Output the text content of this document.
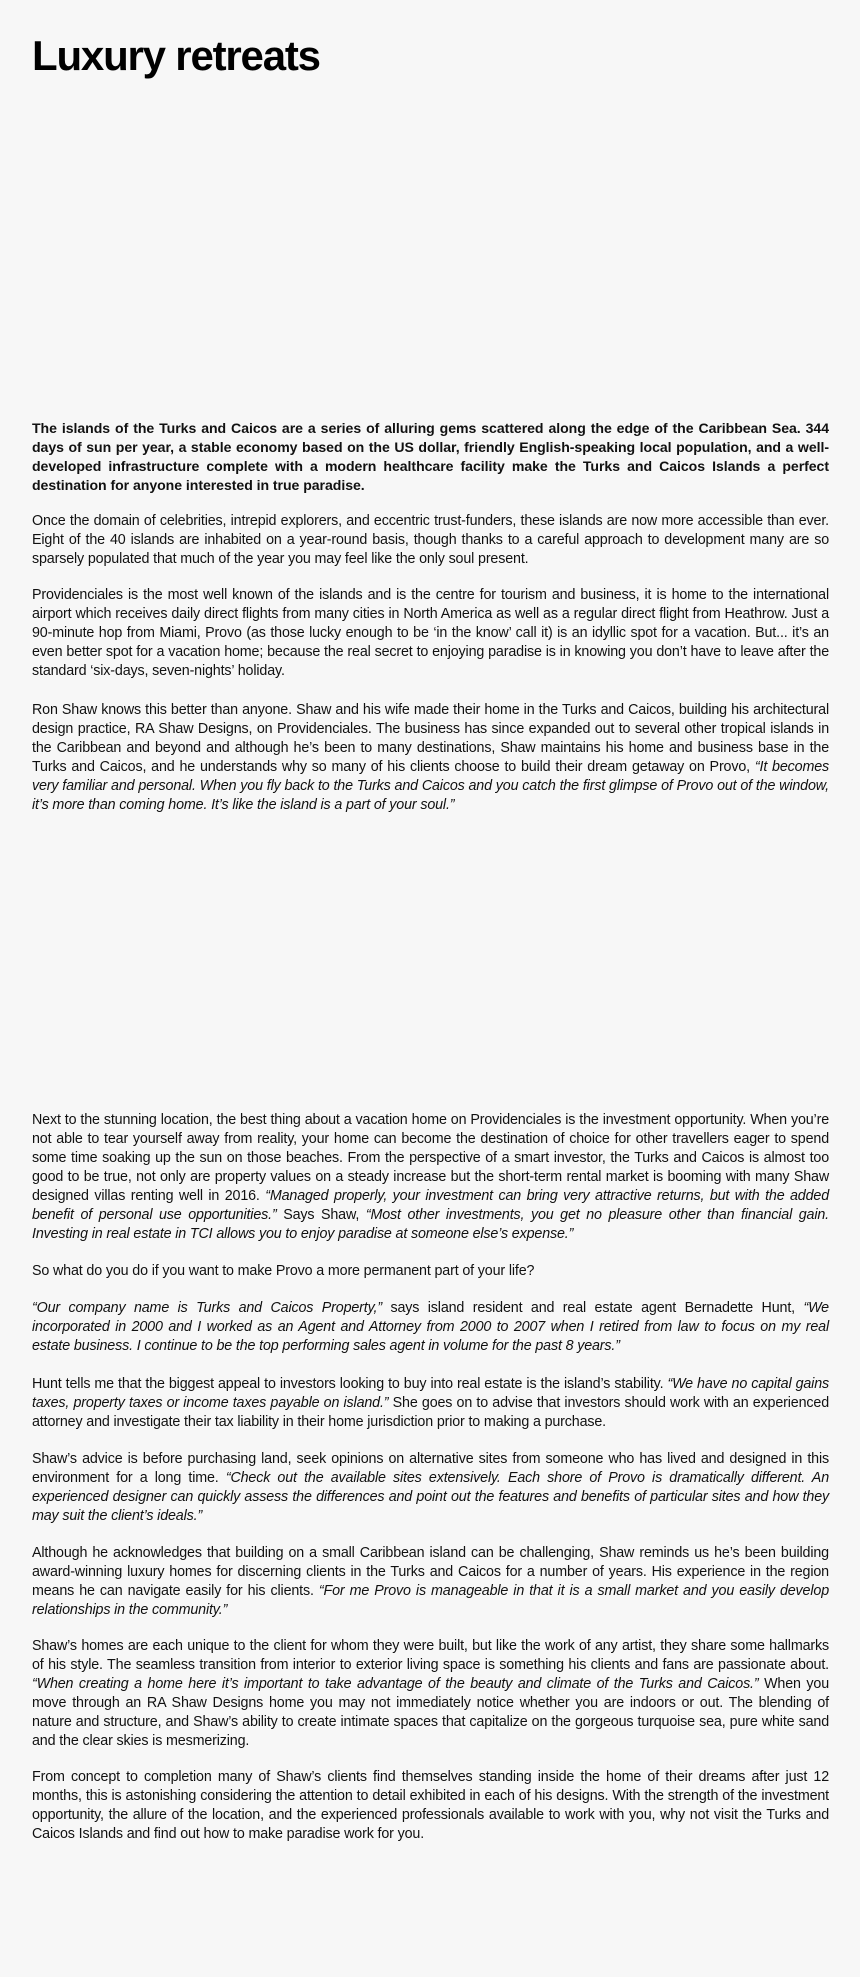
Luxury retreats

The islands of the Turks and Caicos are a series of alluring gems scattered along the edge of the Caribbean Sea. 344 days of sun per year, a stable economy based on the US dollar, friendly English-speaking local population, and a well-developed infrastructure complete with a modern healthcare facility make the Turks and Caicos Islands a perfect destination for anyone interested in true paradise.

Once the domain of celebrities, intrepid explorers, and eccentric trust-funders, these islands are now more accessible than ever. Eight of the 40 islands are inhabited on a year-round basis, though thanks to a careful approach to development many are so sparsely populated that much of the year you may feel like the only soul present.

Providenciales is the most well known of the islands and is the centre for tourism and business, it is home to the international airport which receives daily direct flights from many cities in North America as well as a regular direct flight from Heathrow. Just a 90-minute hop from Miami, Provo (as those lucky enough to be ‘in the know’ call it) is an idyllic spot for a vacation. But... it’s an even better spot for a vacation home; because the real secret to enjoying paradise is in knowing you don’t have to leave after the standard ‘six-days, seven-nights’ holiday.

Ron Shaw knows this better than anyone. Shaw and his wife made their home in the Turks and Caicos, building his architectural design practice, RA Shaw Designs, on Providenciales. The business has since expanded out to several other tropical islands in the Caribbean and beyond and although he’s been to many destinations, Shaw maintains his home and business base in the Turks and Caicos, and he understands why so many of his clients choose to build their dream getaway on Provo, “It becomes very familiar and personal. When you fly back to the Turks and Caicos and you catch the first glimpse of Provo out of the window, it’s more than coming home. It’s like the island is a part of your soul.”

Next to the stunning location, the best thing about a vacation home on Providenciales is the investment opportunity. When you’re not able to tear yourself away from reality, your home can become the destination of choice for other travellers eager to spend some time soaking up the sun on those beaches. From the perspective of a smart investor, the Turks and Caicos is almost too good to be true, not only are property values on a steady increase but the short-term rental market is booming with many Shaw designed villas renting well in 2016. “Managed properly, your investment can bring very attractive returns, but with the added benefit of personal use opportunities.” Says Shaw, “Most other investments, you get no pleasure other than financial gain. Investing in real estate in TCI allows you to enjoy paradise at someone else’s expense.”

So what do you do if you want to make Provo a more permanent part of your life?

“Our company name is Turks and Caicos Property,” says island resident and real estate agent Bernadette Hunt, “We incorporated in 2000 and I worked as an Agent and Attorney from 2000 to 2007 when I retired from law to focus on my real estate business. I continue to be the top performing sales agent in volume for the past 8 years.”

Hunt tells me that the biggest appeal to investors looking to buy into real estate is the island’s stability. “We have no capital gains taxes, property taxes or income taxes payable on island.” She goes on to advise that investors should work with an experienced attorney and investigate their tax liability in their home jurisdiction prior to making a purchase.

Shaw’s advice is before purchasing land, seek opinions on alternative sites from someone who has lived and designed in this environment for a long time. “Check out the available sites extensively. Each shore of Provo is dramatically different. An experienced designer can quickly assess the differences and point out the features and benefits of particular sites and how they may suit the client’s ideals.”

Although he acknowledges that building on a small Caribbean island can be challenging, Shaw reminds us he’s been building award-winning luxury homes for discerning clients in the Turks and Caicos for a number of years. His experience in the region means he can navigate easily for his clients. “For me Provo is manageable in that it is a small market and you easily develop relationships in the community.”

Shaw’s homes are each unique to the client for whom they were built, but like the work of any artist, they share some hallmarks of his style. The seamless transition from interior to exterior living space is something his clients and fans are passionate about. “When creating a home here it’s important to take advantage of the beauty and climate of the Turks and Caicos.” When you move through an RA Shaw Designs home you may not immediately notice whether you are indoors or out. The blending of nature and structure, and Shaw’s ability to create intimate spaces that capitalize on the gorgeous turquoise sea, pure white sand and the clear skies is mesmerizing.

From concept to completion many of Shaw’s clients find themselves standing inside the home of their dreams after just 12 months, this is astonishing considering the attention to detail exhibited in each of his designs. With the strength of the investment opportunity, the allure of the location, and the experienced professionals available to work with you, why not visit the Turks and Caicos Islands and find out how to make paradise work for you.
